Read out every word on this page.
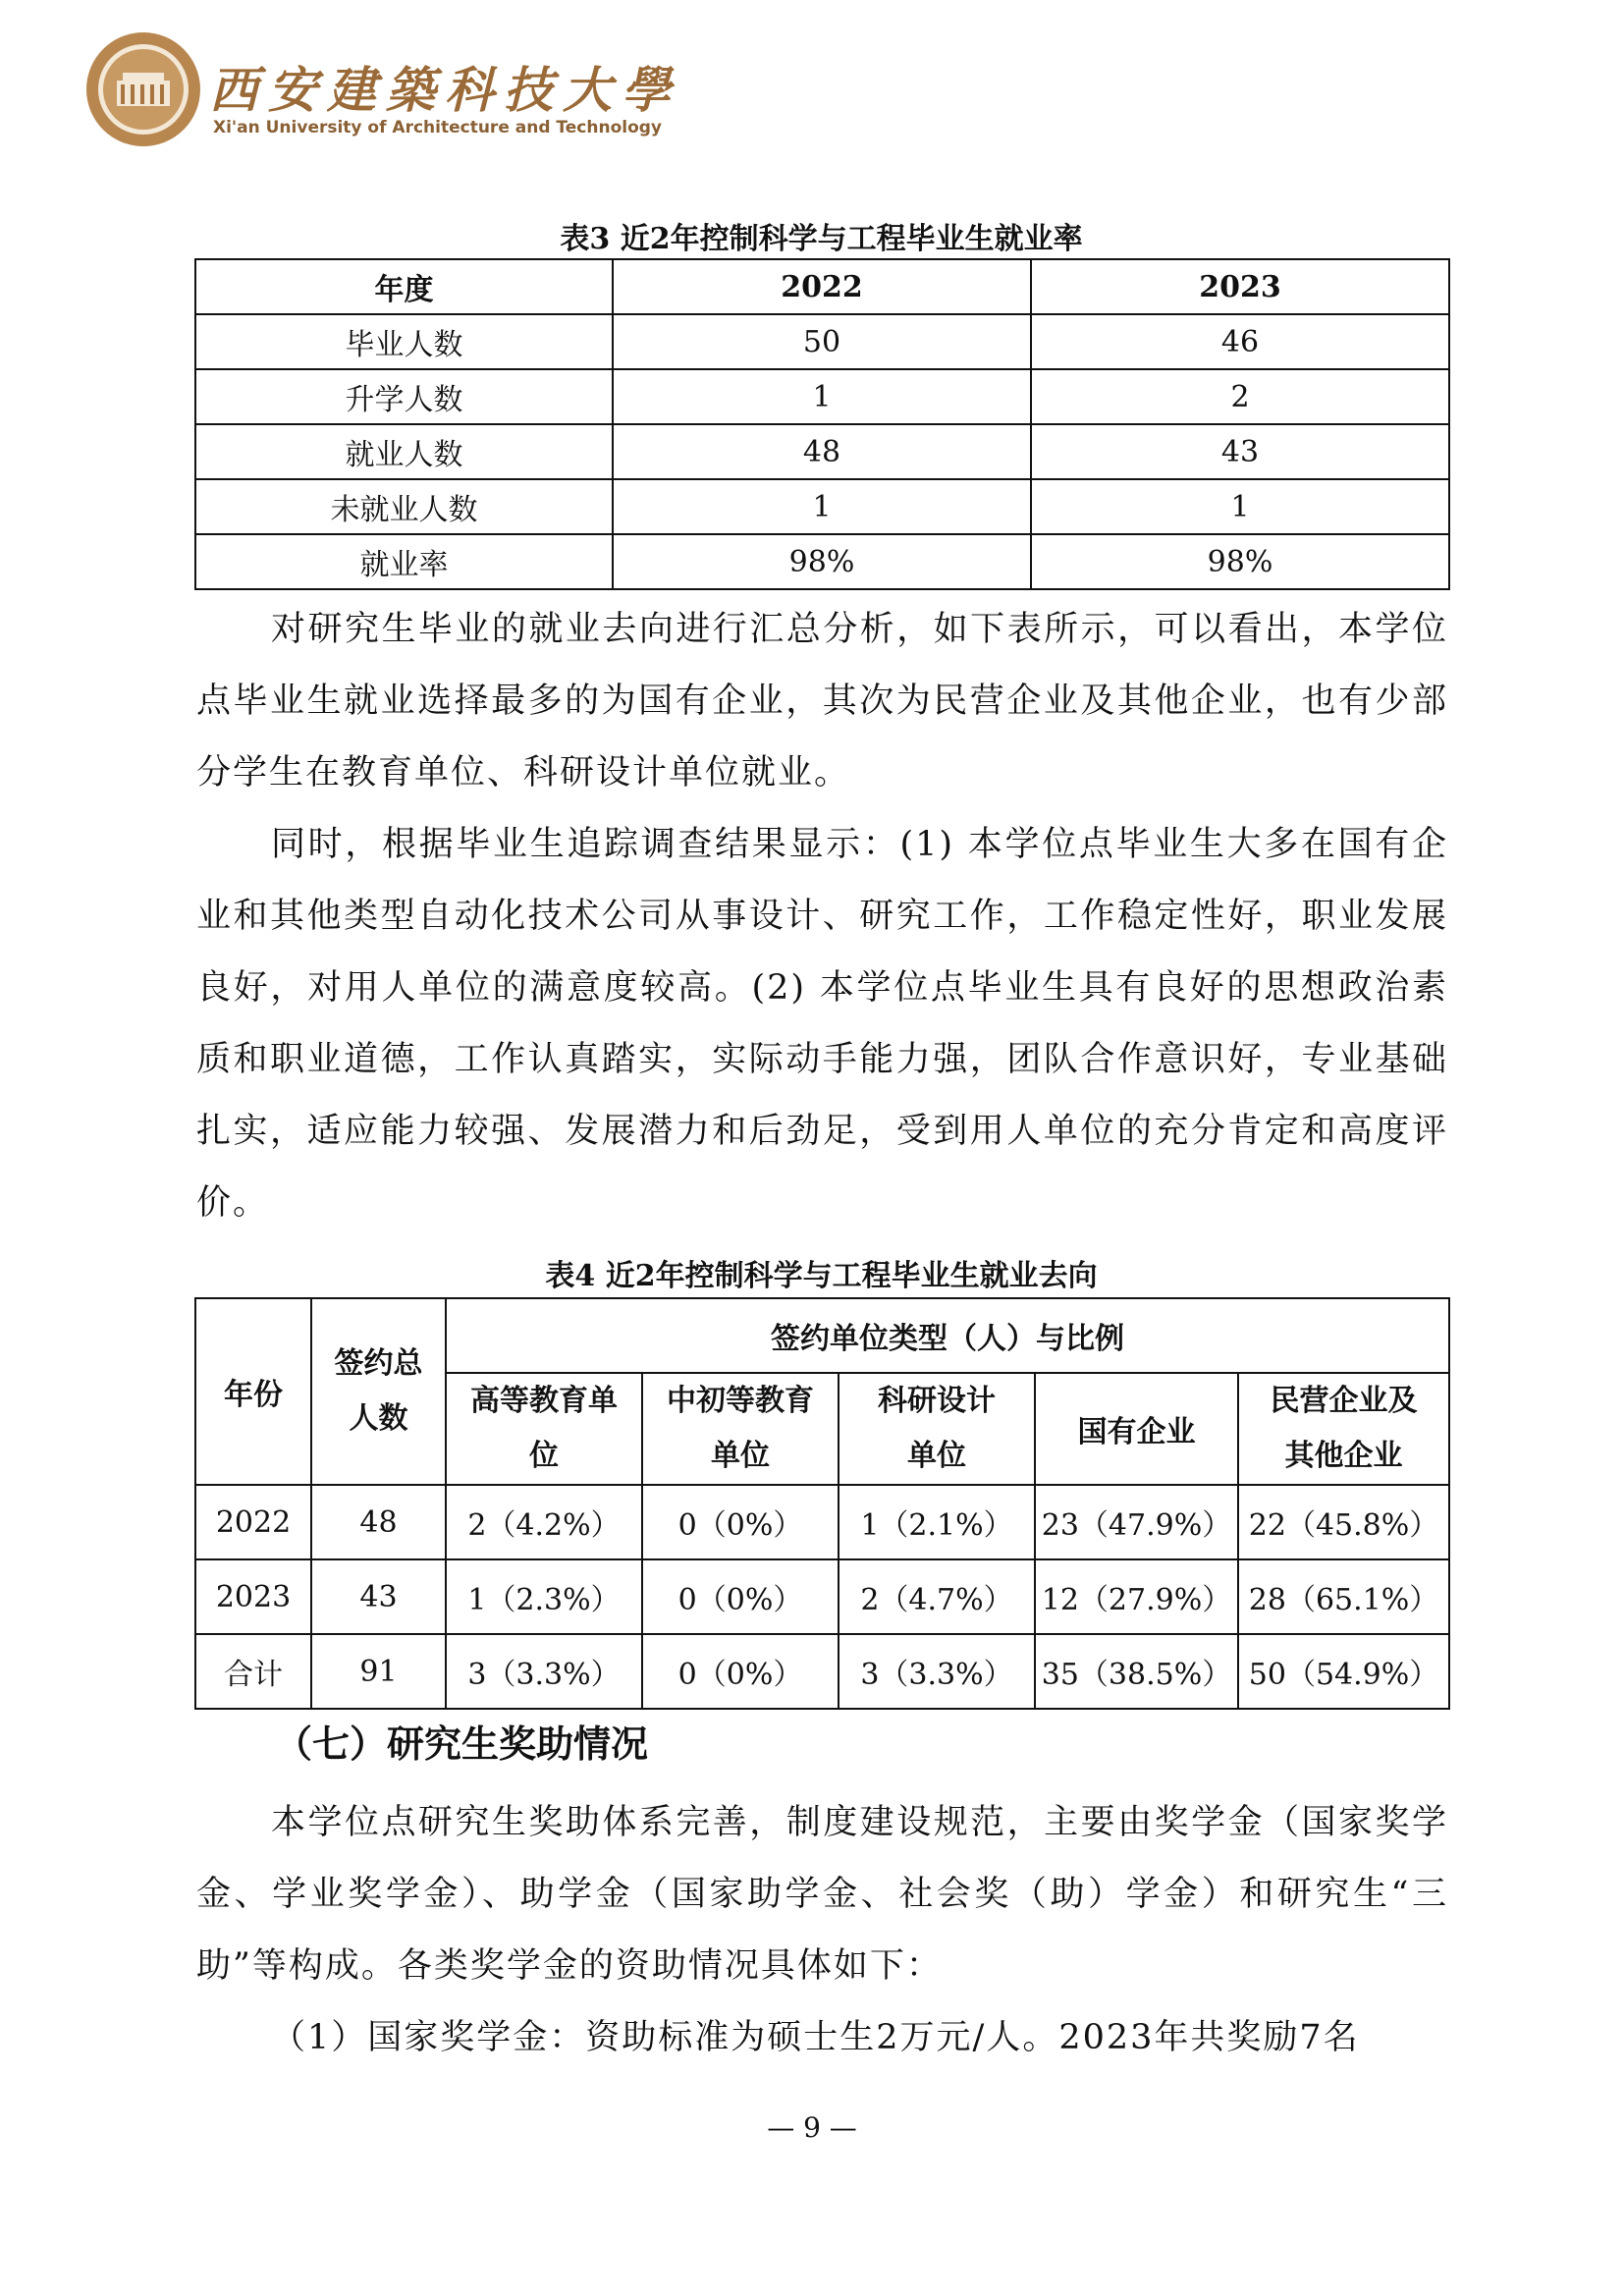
西安建築科技大學
Xi'an University of Architecture and Technology
表3 近2年控制科学与工程毕业生就业率
年度	2022	2023
毕业人数	50	46
升学人数	1	2
就业人数	48	43
未就业人数	1	1
就业率	98%	98%

对研究生毕业的就业去向进行汇总分析，如下表所示，可以看出，本学位点毕业生就业选择最多的为国有企业，其次为民营企业及其他企业，也有少部分学生在教育单位、科研设计单位就业。

同时，根据毕业生追踪调查结果显示：(1) 本学位点毕业生大多在国有企业和其他类型自动化技术公司从事设计、研究工作，工作稳定性好，职业发展良好，对用人单位的满意度较高。(2) 本学位点毕业生具有良好的思想政治素质和职业道德，工作认真踏实，实际动手能力强，团队合作意识好，专业基础扎实，适应能力较强、发展潜力和后劲足，受到用人单位的充分肯定和高度评价。

表4 近2年控制科学与工程毕业生就业去向
年份	签约总人数	签约单位类型（人）与比例				
		高等教育单位	中初等教育单位	科研设计单位	国有企业	民营企业及其他企业
2022	48	2（4.2%）	0（0%）	1（2.1%）	23（47.9%）	22（45.8%）
2023	43	1（2.3%）	0（0%）	2（4.7%）	12（27.9%）	28（65.1%）
合计	91	3（3.3%）	0（0%）	3（3.3%）	35（38.5%）	50（54.9%）
（七）研究生奖助情况

本学位点研究生奖助体系完善，制度建设规范，主要由奖学金（国家奖学金、学业奖学金）、助学金（国家助学金、社会奖（助）学金）和研究生“三助”等构成。各类奖学金的资助情况具体如下：

（1）国家奖学金：资助标准为硕士生2万元/人。2023年共奖励7名

— 9 —
